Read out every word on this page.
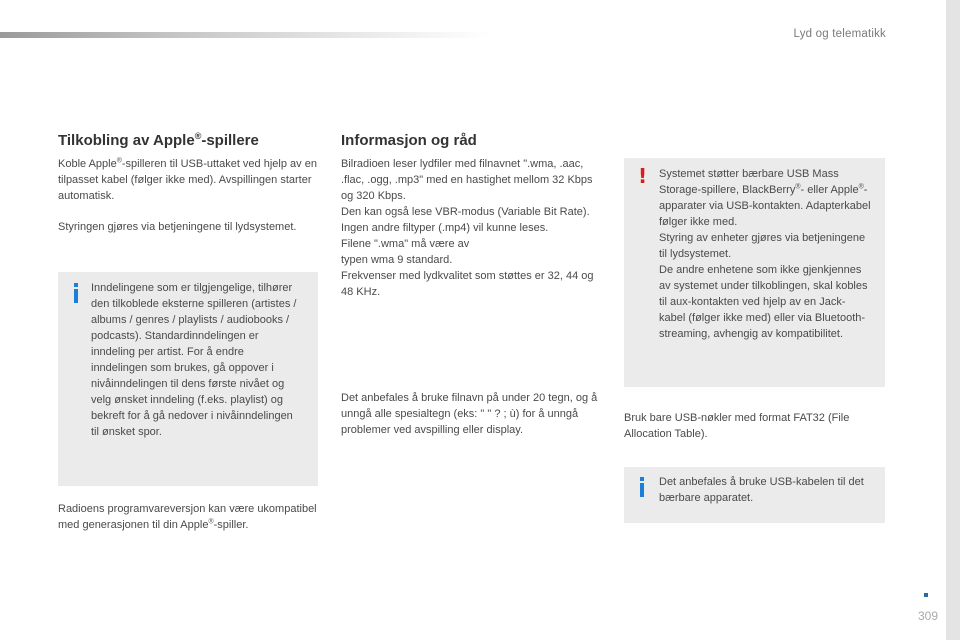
Lyd og telematikk
Tilkobling av Apple®-spillere

Koble Apple®-spilleren til USB-uttaket ved hjelp av en tilpasset kabel (følger ikke med). Avspillingen starter automatisk.

Styringen gjøres via betjeningene til lydsystemet.

Inndelingene som er tilgjengelige, tilhører den tilkoblede eksterne spilleren (artistes / albums / genres / playlists / audiobooks / podcasts). Standardinndelingen er inndeling per artist. For å endre inndelingen som brukes, gå oppover i nivåinndelingen til dens første nivået og velg ønsket inndeling (f.eks. playlist) og bekreft for å gå nedover i nivåinndelingen til ønsket spor.

Radioens programvareversjon kan være ukompatibel med generasjonen til din Apple®-spiller.

Informasjon og råd
Bilradioen leser lydfiler med filnavnet ".wma, .aac, .flac, .ogg, .mp3" med en hastighet mellom 32 Kbps og 320 Kbps.
Den kan også lese VBR-modus (Variable Bit Rate).
Ingen andre filtyper (.mp4) vil kunne leses.
Filene ".wma" må være av typen wma 9 standard.
Frekvenser med lydkvalitet som støttes er 32, 44 og 48 KHz.

Det anbefales å bruke filnavn på under 20 tegn, og å unngå alle spesialtegn (eks: " " ? ; ù) for å unngå problemer ved avspilling eller display.

! Systemet støtter bærbare USB Mass Storage-spillere, BlackBerry®- eller Apple®-apparater via USB-kontakten. Adapterkabel følger ikke med.
Styring av enheter gjøres via betjeningene til lydsystemet.
De andre enhetene som ikke gjenkjennes av systemet under tilkoblingen, skal kobles til aux-kontakten ved hjelp av en Jack-kabel (følger ikke med) eller via Bluetooth-streaming, avhengig av kompatibilitet.

Bruk bare USB-nøkler med format FAT32 (File Allocation Table).

Det anbefales å bruke USB-kabelen til det bærbare apparatet.

309
